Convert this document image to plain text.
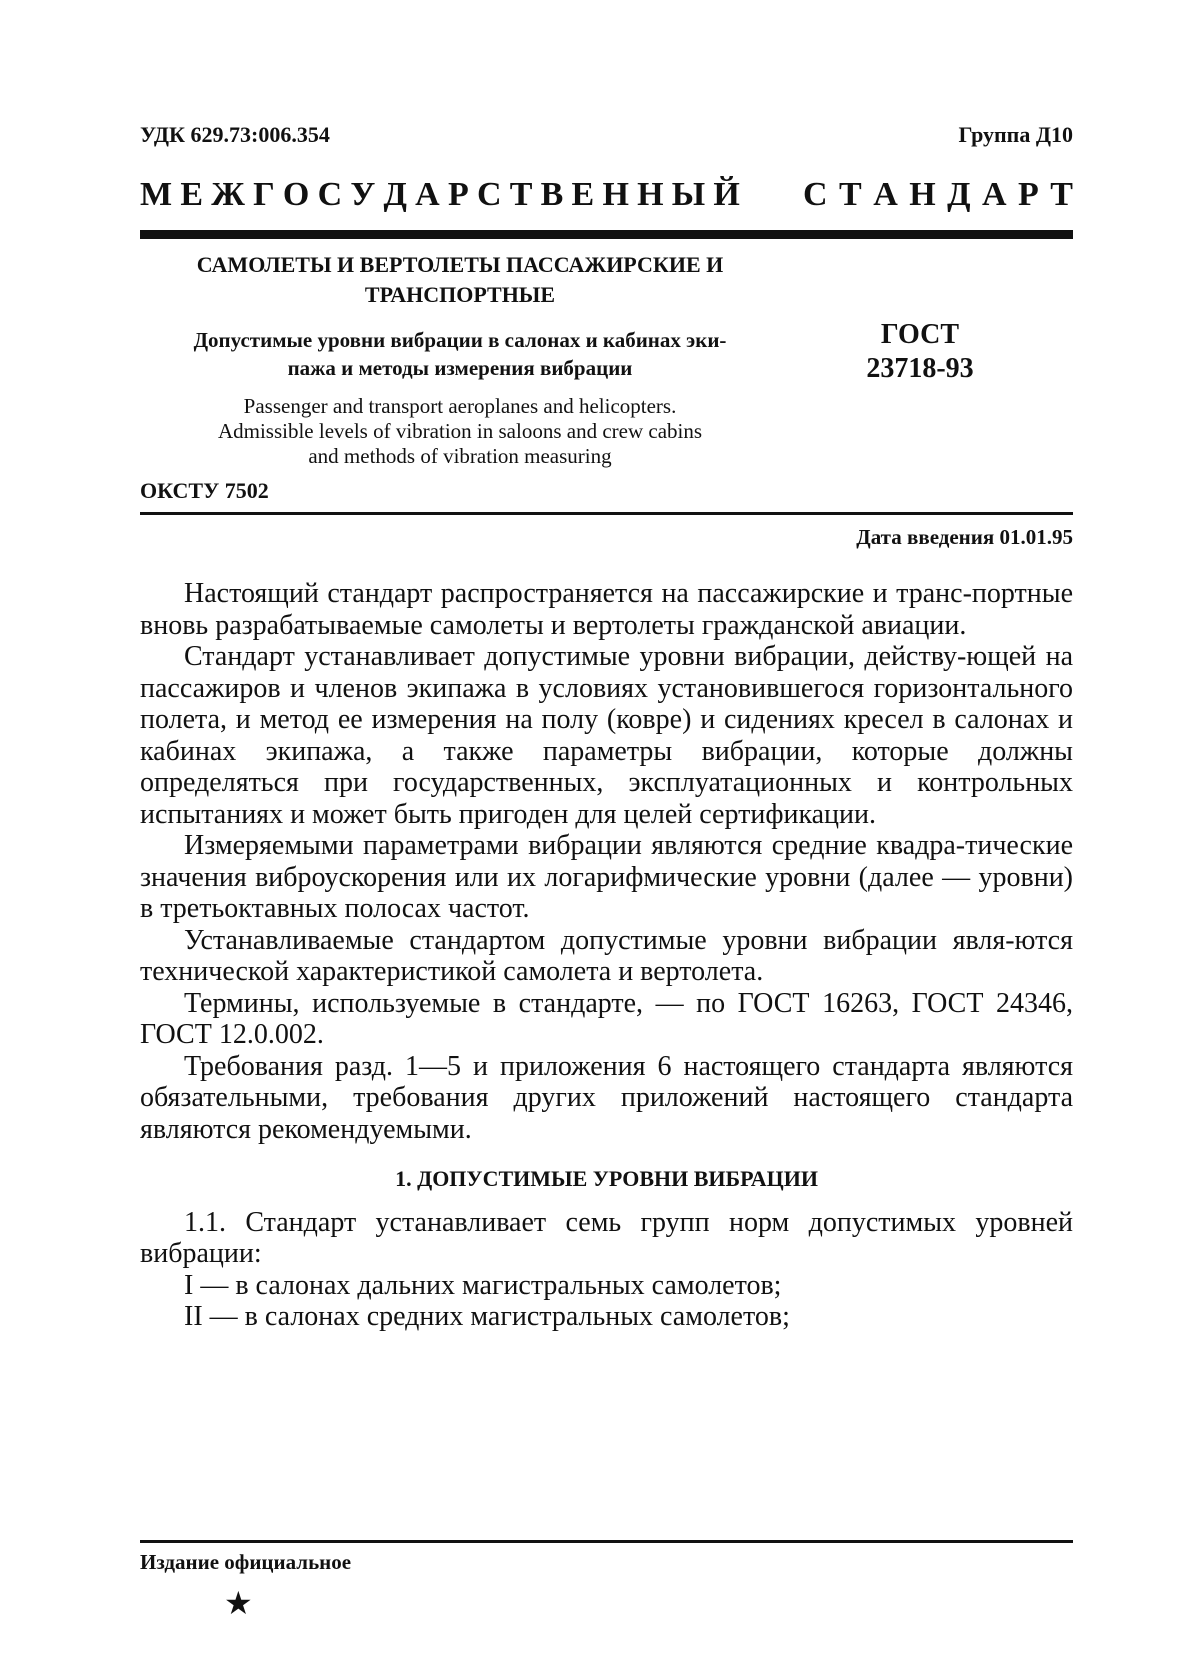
УДК 629.73:006.354	Группа Д10
М Е Ж Г О С У Д А Р С Т В Е Н Н Ы Й С Т А Н Д А Р Т
САМОЛЕТЫ И ВЕРТОЛЕТЫ ПАССАЖИРСКИЕ И
ТРАНСПОРТНЫЕ
Допустимые уровни вибрации в салонах и кабинах эки-
пажа и методы измерения вибрации
ГОСТ
23718-93
Passenger and transport aeroplanes and helicopters.
Admissible levels of vibration in saloons and crew cabins
and methods of vibration measuring
ОКСТУ 7502
Дата введения 01.01.95

Настоящий стандарт распространяется на пассажирские и транс-портные вновь разрабатываемые самолеты и вертолеты гражданской авиации.

Стандарт устанавливает допустимые уровни вибрации, действу-ющей на пассажиров и членов экипажа в условиях установившегося горизонтального полета, и метод ее измерения на полу (ковре) и сидениях кресел в салонах и кабинах экипажа, а также параметры вибрации, которые должны определяться при государственных, эксплуатационных и контрольных испытаниях и может быть пригоден для целей сертификации.

Измеряемыми параметрами вибрации являются средние квадра-тические значения виброускорения или их логарифмические уровни (далее — уровни) в третьоктавных полосах частот.

Устанавливаемые стандартом допустимые уровни вибрации явля-ются технической характеристикой самолета и вертолета.

Термины, используемые в стандарте, — по ГОСТ 16263, ГОСТ 24346, ГОСТ 12.0.002.

Требования разд. 1—5 и приложения 6 настоящего стандарта являются обязательными, требования других приложений настоящего стандарта являются рекомендуемыми.

1. ДОПУСТИМЫЕ УРОВНИ ВИБРАЦИИ

1.1. Стандарт устанавливает семь групп норм допустимых уровней вибрации:

I — в салонах дальних магистральных самолетов;

II — в салонах средних магистральных самолетов;

Издание официальное
★
